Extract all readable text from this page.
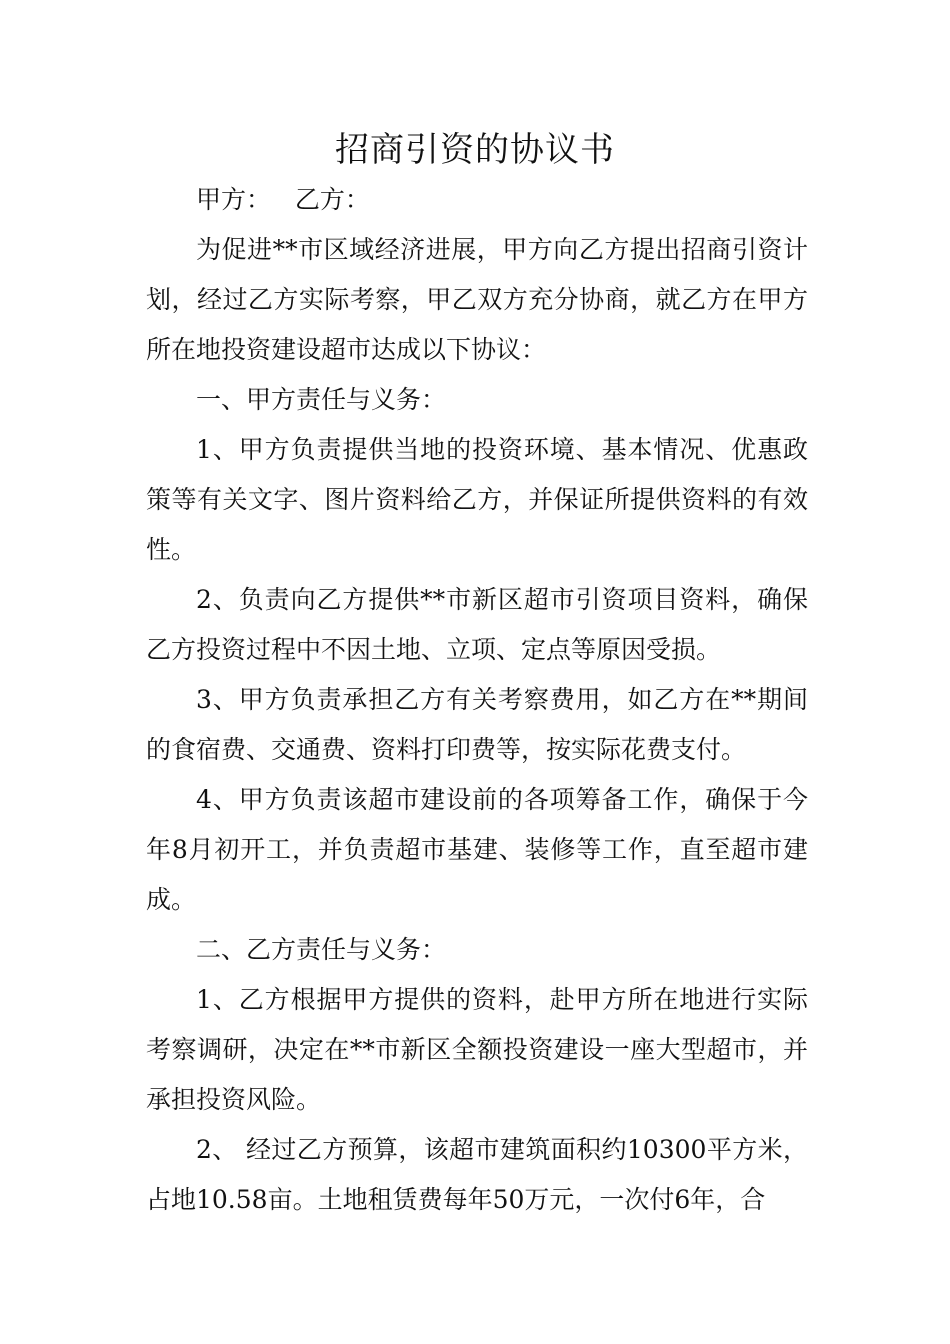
招商引资的协议书
甲方：   乙方：

为促进**市区域经济进展，甲方向乙方提出招商引资计划，经过乙方实际考察，甲乙双方充分协商，就乙方在甲方所在地投资建设超市达成以下协议：

一、甲方责任与义务：

1、甲方负责提供当地的投资环境、基本情况、优惠政策等有关文字、图片资料给乙方，并保证所提供资料的有效性。

2、负责向乙方提供**市新区超市引资项目资料，确保乙方投资过程中不因土地、立项、定点等原因受损。

3、甲方负责承担乙方有关考察费用，如乙方在**期间的食宿费、交通费、资料打印费等，按实际花费支付。

4、甲方负责该超市建设前的各项筹备工作，确保于今年8月初开工，并负责超市基建、装修等工作，直至超市建成。

二、乙方责任与义务：

1、乙方根据甲方提供的资料，赴甲方所在地进行实际考察调研，决定在**市新区全额投资建设一座大型超市，并承担投资风险。

2、 经过乙方预算，该超市建筑面积约10300平方米，占地10.58亩。土地租赁费每年50万元，一次付6年，合
